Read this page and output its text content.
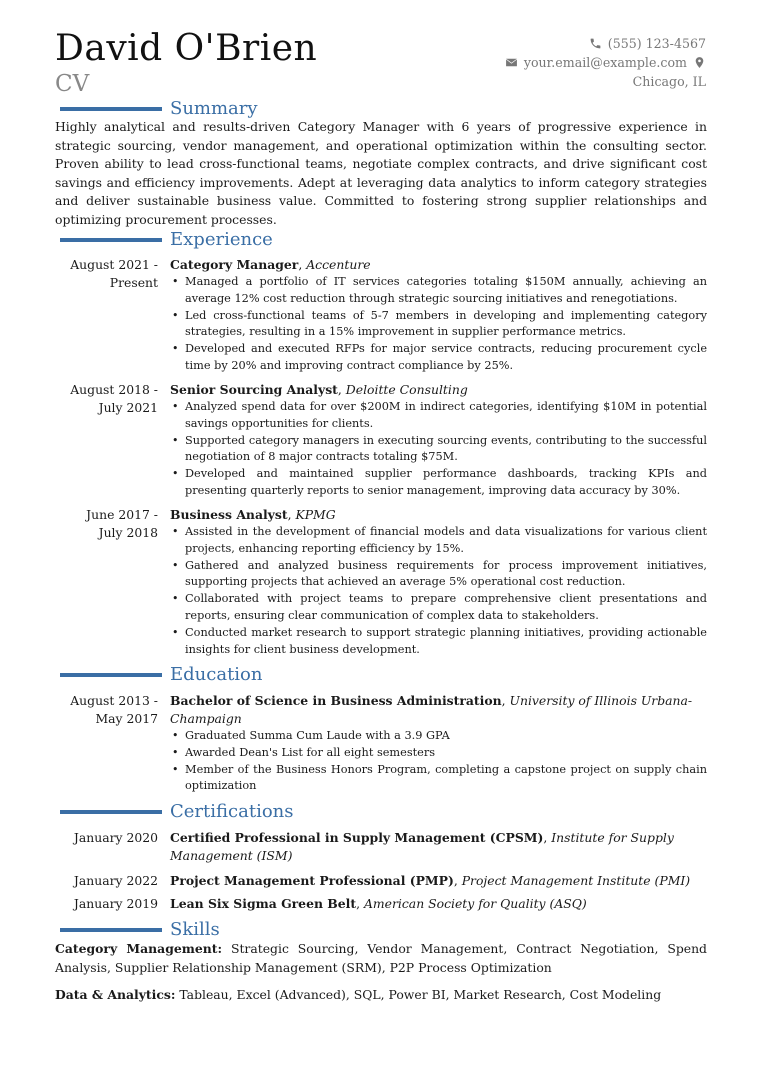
David O'Brien
CV
(555) 123-4567
your.email@example.com
Chicago, IL
Summary
Highly analytical and results-driven Category Manager with 6 years of progressive experience in strategic sourcing, vendor management, and operational optimization within the consulting sector. Proven ability to lead cross-functional teams, negotiate complex contracts, and drive significant cost savings and efficiency improvements. Adept at leveraging data analytics to inform category strategies and deliver sustainable business value. Committed to fostering strong supplier relationships and optimizing procurement processes.
Experience
August 2021 -
Present
Category Manager, Accenture
• Managed a portfolio of IT services categories totaling $150M annually, achieving an average 12% cost reduction through strategic sourcing initiatives and renegotiations.
• Led cross-functional teams of 5-7 members in developing and implementing category strategies, resulting in a 15% improvement in supplier performance metrics.
• Developed and executed RFPs for major service contracts, reducing procurement cycle time by 20% and improving contract compliance by 25%.
August 2018 -
July 2021
Senior Sourcing Analyst, Deloitte Consulting
• Analyzed spend data for over $200M in indirect categories, identifying $10M in potential savings opportunities for clients.
• Supported category managers in executing sourcing events, contributing to the successful negotiation of 8 major contracts totaling $75M.
• Developed and maintained supplier performance dashboards, tracking KPIs and presenting quarterly reports to senior management, improving data accuracy by 30%.
June 2017 -
July 2018
Business Analyst, KPMG
• Assisted in the development of financial models and data visualizations for various client projects, enhancing reporting efficiency by 15%.
• Gathered and analyzed business requirements for process improvement initiatives, supporting projects that achieved an average 5% operational cost reduction.
• Collaborated with project teams to prepare comprehensive client presentations and reports, ensuring clear communication of complex data to stakeholders.
• Conducted market research to support strategic planning initiatives, providing actionable insights for client business development.
Education
August 2013 -
May 2017
Bachelor of Science in Business Administration, University of Illinois Urbana-Champaign
• Graduated Summa Cum Laude with a 3.9 GPA
• Awarded Dean's List for all eight semesters
• Member of the Business Honors Program, completing a capstone project on supply chain optimization
Certifications
January 2020 Certified Professional in Supply Management (CPSM), Institute for Supply Management (ISM)
January 2022 Project Management Professional (PMP), Project Management Institute (PMI)
January 2019 Lean Six Sigma Green Belt, American Society for Quality (ASQ)
Skills
Category Management: Strategic Sourcing, Vendor Management, Contract Negotiation, Spend Analysis, Supplier Relationship Management (SRM), P2P Process Optimization
Data & Analytics: Tableau, Excel (Advanced), SQL, Power BI, Market Research, Cost Modeling
